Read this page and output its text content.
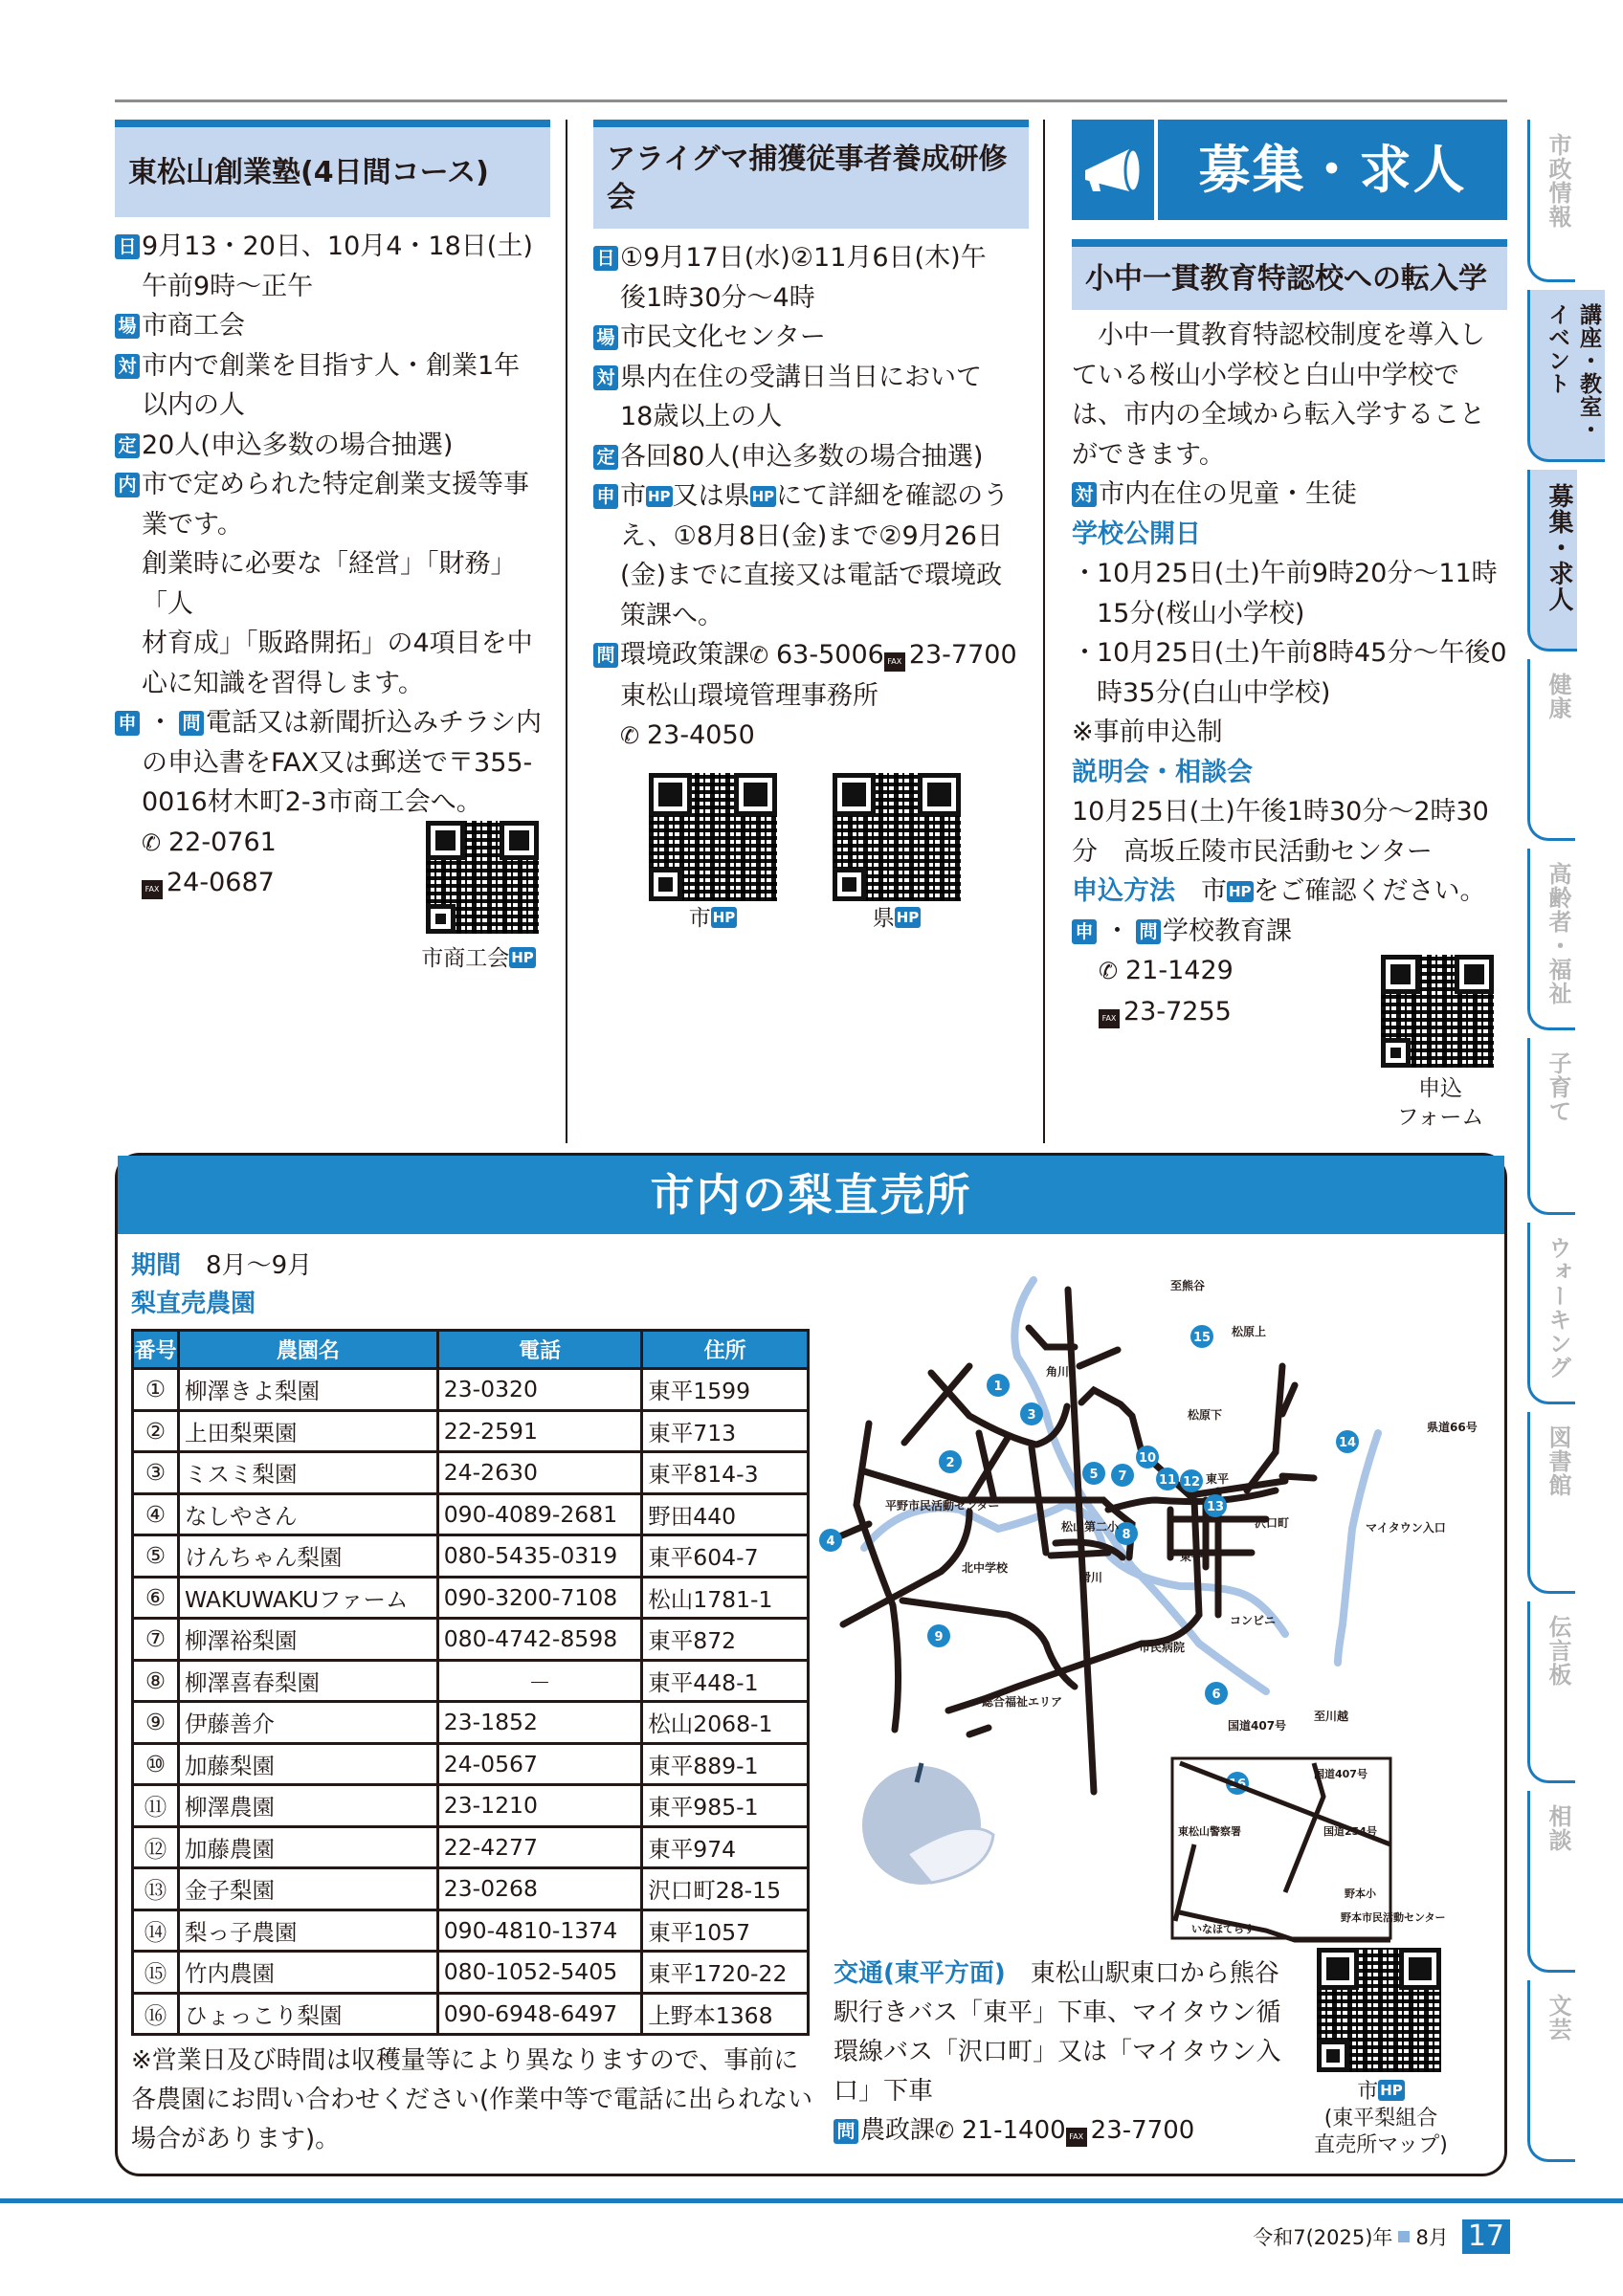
東松山創業塾(4日間コース)
日 9月13・20日、10月4・18日(土)
午前9時～正午
場 市商工会
対 市内で創業を目指す人・創業1年
以内の人
定 20人(申込多数の場合抽選)
内 市で定められた特定創業支援等事
業です。
創業時に必要な「経営」「財務」「人
材育成」「販路開拓」の4項目を中
心に知識を習得します。
申 ・ 問 電話又は新聞折込みチラシ内
の申込書をFAX又は郵送で〒355-
0016材木町2-3市商工会へ。
✆ 22-0761
FAX 24-0687
市商工会 HP
アライグマ捕獲従事者養成研修会
日 ①9月17日(水)②11月6日(木)午
後1時30分～4時
場 市民文化センター
対 県内在住の受講日当日において
18歳以上の人
定 各回80人(申込多数の場合抽選)
申 市 HP又は県 HPにて詳細を確認のう
え、①8月8日(金)まで②9月26日
(金)までに直接又は電話で環境政
策課へ。
問 環境政策課✆ 63-5006 FAX 23-7700
東松山環境管理事務所
✆ 23-4050
市 HP	県 HP
募集・求人
小中一貫教育特認校への転入学

　小中一貫教育特認校制度を導入している桜山小学校と白山中学校では、市内の全域から転入学することができます。

対 市内在住の児童・生徒
学校公開日
・ 10月25日(土)午前9時20分～11時15分(桜山小学校)
・ 10月25日(土)午前8時45分～午後0時35分(白山中学校)
※事前申込制
説明会・相談会
10月25日(土)午後1時30分～2時30分　高坂丘陵市民活動センター
申込方法　 市 HPをご確認ください。
申 ・ 問 学校教育課
✆ 21-1429
FAX 23-7255
申込
フォーム
市政情報
講座・教室・イベント
募集・求人
健康
高齢者・福祉
子育て
ウォーキング
図書館
伝言板
相談
文芸
市内の梨直売所
期間　 8月～9月
梨直売農園
番号	農園名	電話	住所
①	柳澤きよ梨園	23-0320	東平1599
②	上田梨栗園	22-2591	東平713
③	ミスミ梨園	24-2630	東平814-3
④	なしやさん	090-4089-2681	野田440
⑤	けんちゃん梨園	080-5435-0319	東平604-7
⑥	WAKUWAKUファーム	090-3200-7108	松山1781-1
⑦	柳澤裕梨園	080-4742-8598	東平872
⑧	柳澤喜春梨園	－	東平448-1
⑨	伊藤善介	23-1852	松山2068-1
⑩	加藤梨園	24-0567	東平889-1
⑪	柳澤農園	23-1210	東平985-1
⑫	加藤農園	22-4277	東平974
⑬	金子梨園	23-0268	沢口町28-15
⑭	梨っ子農園	090-4810-1374	東平1057
⑮	竹内農園	080-1052-5405	東平1720-22
⑯	ひょっこり梨園	090-6948-6497	上野本1368

※営業日及び時間は収穫量等により異なりますので、事前に各農園にお問い合わせください(作業中等で電話に出られない場合があります)。

1
2
3
4
5
6
7
8
9
10
11 12
13
14
15
16
至熊谷
松原上
松原下
角川
滑川
東平
東平
平野市民活動センター
松山第二小
北中学校
沢口町	マイタウン入口
県道66号
コンビニ
市民病院
総合福祉エリア
国道407号
至川越
国道407号
国道254号
東松山警察署
野本小
野本市民活動センター
いなほてらす

交通(東平方面)　東松山駅東口から熊谷駅行きバス「東平」下車、マイタウン循環線バス「沢口町」又は「マイタウン入口」下車

問 農政課✆ 21-1400 FAX 23-7700
市 HP
(東平梨組合直売所マップ)
令和7(2025)年 8月 17
